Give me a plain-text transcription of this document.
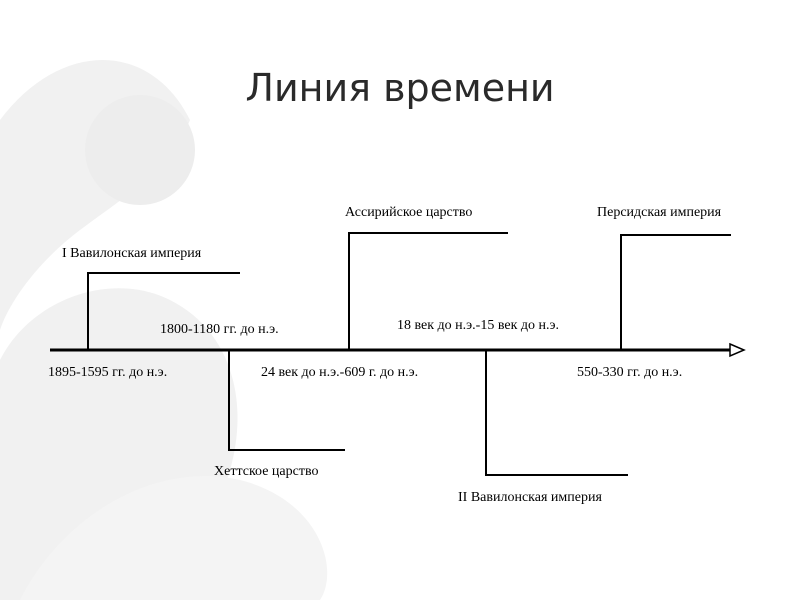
Линия времени
I Вавилонская империя
1895-1595 гг. до н.э.
Хеттское царство
1800-1180 гг. до н.э.
Ассирийское царство
24 век до н.э.-609 г. до н.э.
II Вавилонская империя
18 век до н.э.-15 век до н.э.
Персидская империя
550-330 гг. до н.э.
